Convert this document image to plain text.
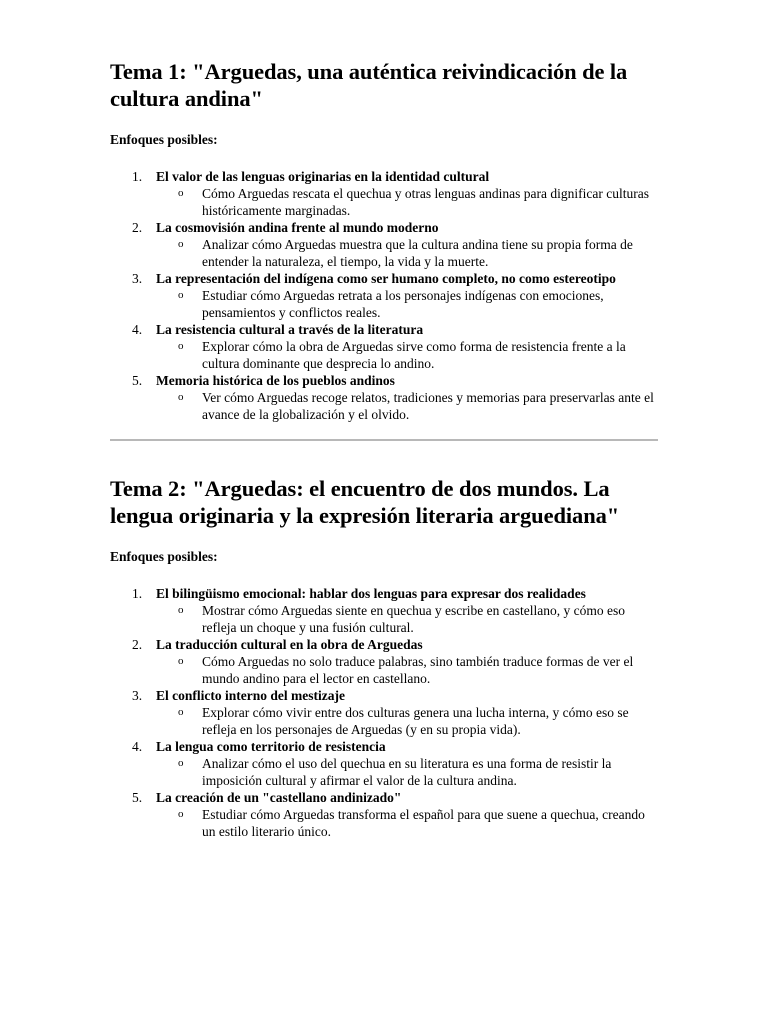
Tema 1: "Arguedas, una auténtica reivindicación de la cultura andina"

Enfoques posibles:

1. El valor de las lenguas originarias en la identidad cultural
o Cómo Arguedas rescata el quechua y otras lenguas andinas para dignificar culturas históricamente marginadas.
2. La cosmovisión andina frente al mundo moderno
o Analizar cómo Arguedas muestra que la cultura andina tiene su propia forma de entender la naturaleza, el tiempo, la vida y la muerte.
3. La representación del indígena como ser humano completo, no como estereotipo
o Estudiar cómo Arguedas retrata a los personajes indígenas con emociones, pensamientos y conflictos reales.
4. La resistencia cultural a través de la literatura
o Explorar cómo la obra de Arguedas sirve como forma de resistencia frente a la cultura dominante que desprecia lo andino.
5. Memoria histórica de los pueblos andinos
o Ver cómo Arguedas recoge relatos, tradiciones y memorias para preservarlas ante el avance de la globalización y el olvido.
Tema 2: "Arguedas: el encuentro de dos mundos. La lengua originaria y la expresión literaria arguediana"

Enfoques posibles:

1. El bilingüismo emocional: hablar dos lenguas para expresar dos realidades
o Mostrar cómo Arguedas siente en quechua y escribe en castellano, y cómo eso refleja un choque y una fusión cultural.
2. La traducción cultural en la obra de Arguedas
o Cómo Arguedas no solo traduce palabras, sino también traduce formas de ver el mundo andino para el lector en castellano.
3. El conflicto interno del mestizaje
o Explorar cómo vivir entre dos culturas genera una lucha interna, y cómo eso se refleja en los personajes de Arguedas (y en su propia vida).
4. La lengua como territorio de resistencia
o Analizar cómo el uso del quechua en su literatura es una forma de resistir la imposición cultural y afirmar el valor de la cultura andina.
5. La creación de un "castellano andinizado"
o Estudiar cómo Arguedas transforma el español para que suene a quechua, creando un estilo literario único.
